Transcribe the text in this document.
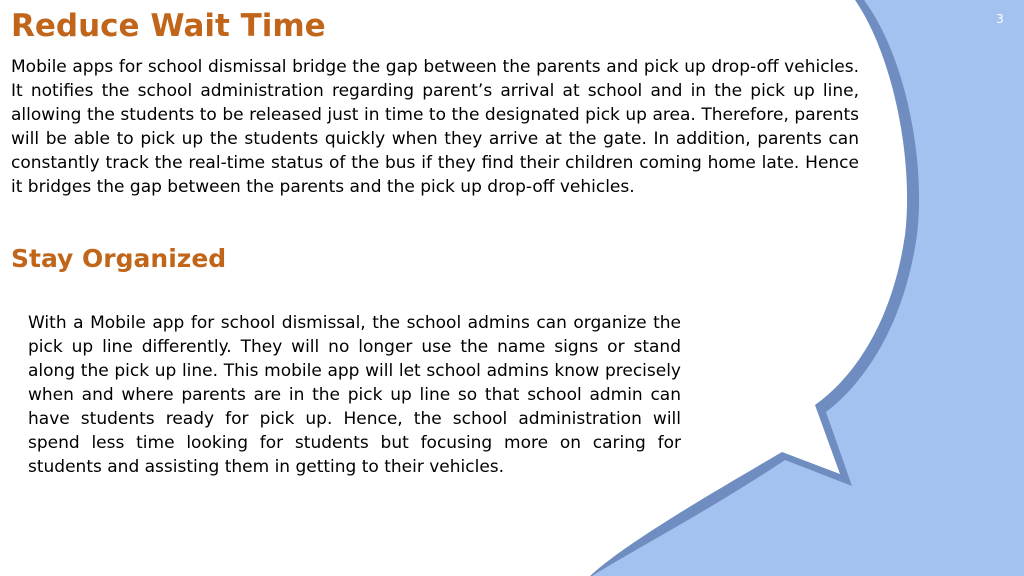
Reduce Wait Time

Mobile apps for school dismissal bridge the gap between the parents and pick up drop-off vehicles. It notifies the school administration regarding parent’s arrival at school and in the pick up line, allowing the students to be released just in time to the designated pick up area. Therefore, parents will be able to pick up the students quickly when they arrive at the gate. In addition, parents can constantly track the real-time status of the bus if they find their children coming home late. Hence it bridges the gap between the parents and the pick up drop-off vehicles.

Stay Organized

With a Mobile app for school dismissal, the school admins can organize the pick up line differently. They will no longer use the name signs or stand along the pick up line. This mobile app will let school admins know precisely when and where parents are in the pick up line so that school admin can have students ready for pick up. Hence, the school administration will spend less time looking for students but focusing more on caring for students and assisting them in getting to their vehicles.

3
